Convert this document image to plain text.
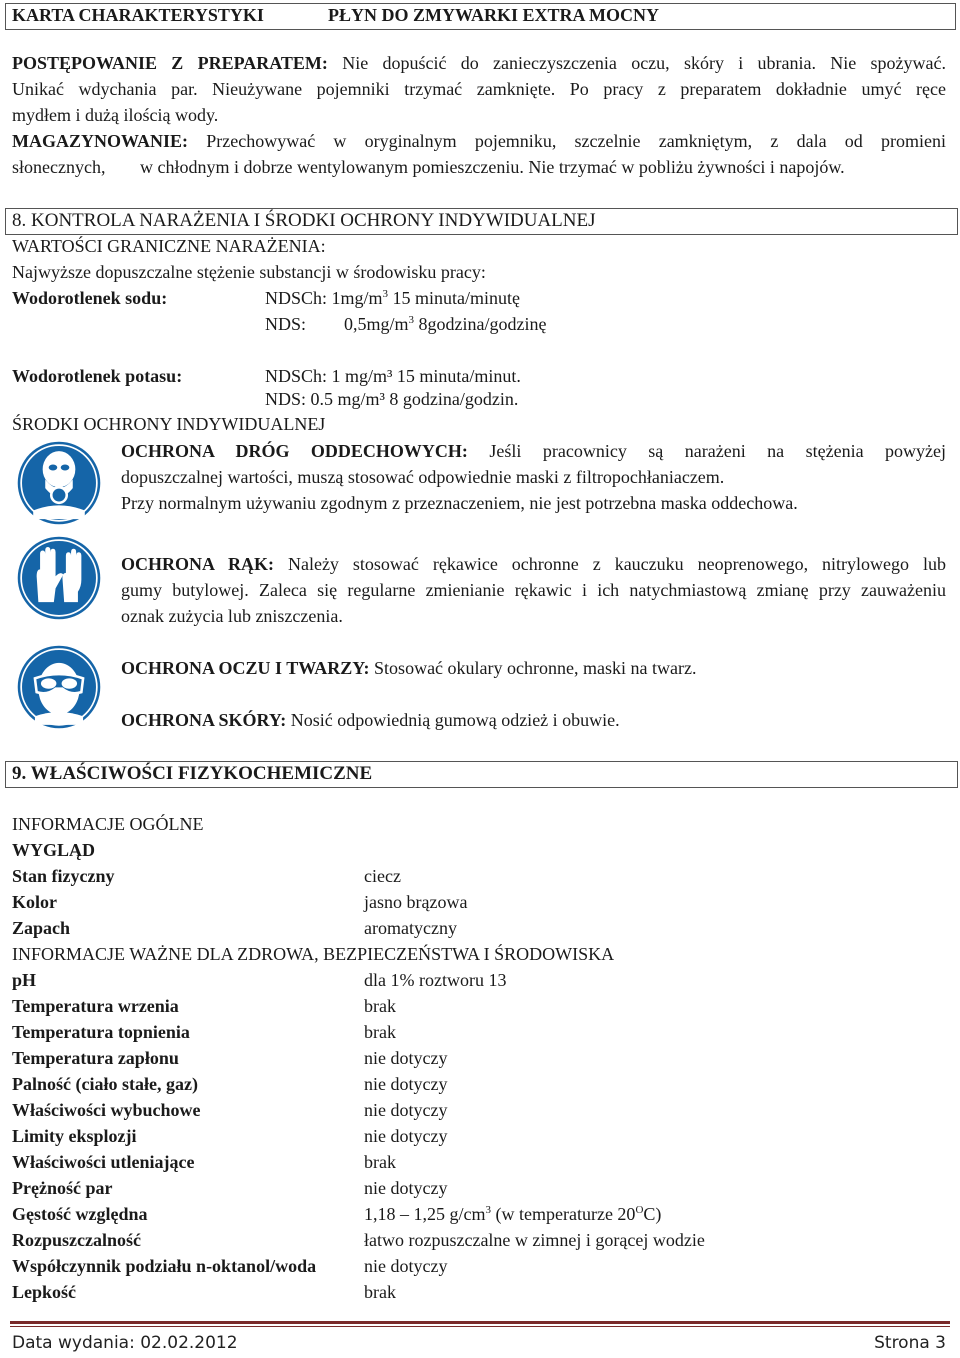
KARTA CHARAKTERYSTYKI	PŁYN DO ZMYWARKI EXTRA MOCNY
POSTĘPOWANIE Z PREPARATEM: Nie dopuścić do zanieczyszczenia oczu, skóry i ubrania. Nie spożywać.
Unikać wdychania par. Nieużywane pojemniki trzymać zamknięte. Po pracy z preparatem dokładnie umyć ręce
mydłem i dużą ilością wody.
MAGAZYNOWANIE: Przechowywać w oryginalnym pojemniku, szczelnie zamkniętym, z dala od promieni
słonecznych, w chłodnym i dobrze wentylowanym pomieszczeniu. Nie trzymać w pobliżu żywności i napojów.
8. KONTROLA NARAŻENIA I ŚRODKI OCHRONY INDYWIDUALNEJ
WARTOŚCI GRANICZNE NARAŻENIA:
Najwyższe dopuszczalne stężenie substancji w środowisku pracy:
Wodorotlenek sodu:	NDSCh: $1mg/m^3$ 15 minuta/minutę
NDS: $0,5mg/m^3$ 8godzina/godzinę
Wodorotlenek potasu:	NDSCh: 1 mg/m³ 15 minuta/minut.
NDS: 0.5 mg/m³ 8 godzina/godzin.
ŚRODKI OCHRONY INDYWIDUALNEJ
OCHRONA DRÓG ODDECHOWYCH: Jeśli pracownicy są narażeni na stężenia powyżej
dopuszczalnej wartości, muszą stosować odpowiednie maski z filtropochłaniaczem.
Przy normalnym używaniu zgodnym z przeznaczeniem, nie jest potrzebna maska oddechowa.
OCHRONA RĄK: Należy stosować rękawice ochronne z kauczuku neoprenowego, nitrylowego lub
gumy butylowej. Zaleca się regularne zmienianie rękawic i ich natychmiastową zmianę przy zauważeniu
oznak zużycia lub zniszczenia.
OCHRONA OCZU I TWARZY: Stosować okulary ochronne, maski na twarz.
OCHRONA SKÓRY: Nosić odpowiednią gumową odzież i obuwie.
9. WŁAŚCIWOŚCI FIZYKOCHEMICZNE
INFORMACJE OGÓLNE
WYGLĄD
Stan fizyczny	ciecz
Kolor	jasno brązowa
Zapach	aromatyczny
INFORMACJE WAŻNE DLA ZDROWA, BEZPIECZEŃSTWA I ŚRODOWISKA
pH	dla 1% roztworu 13
Temperatura wrzenia	brak
Temperatura topnienia	brak
Temperatura zapłonu	nie dotyczy
Palność (ciało stałe, gaz)	nie dotyczy
Właściwości wybuchowe	nie dotyczy
Limity eksplozji	nie dotyczy
Właściwości utleniające	brak
Prężność par	nie dotyczy
Gęstość względna	1,18 – 1,25 $g/cm^3$ (w temperaturze $20^OC$)
Rozpuszczalność	łatwo rozpuszczalne w zimnej i gorącej wodzie
Współczynnik podziału n-oktanol/woda	nie dotyczy
Lepkość	brak
Data wydania: 02.02.2012	Strona 3
